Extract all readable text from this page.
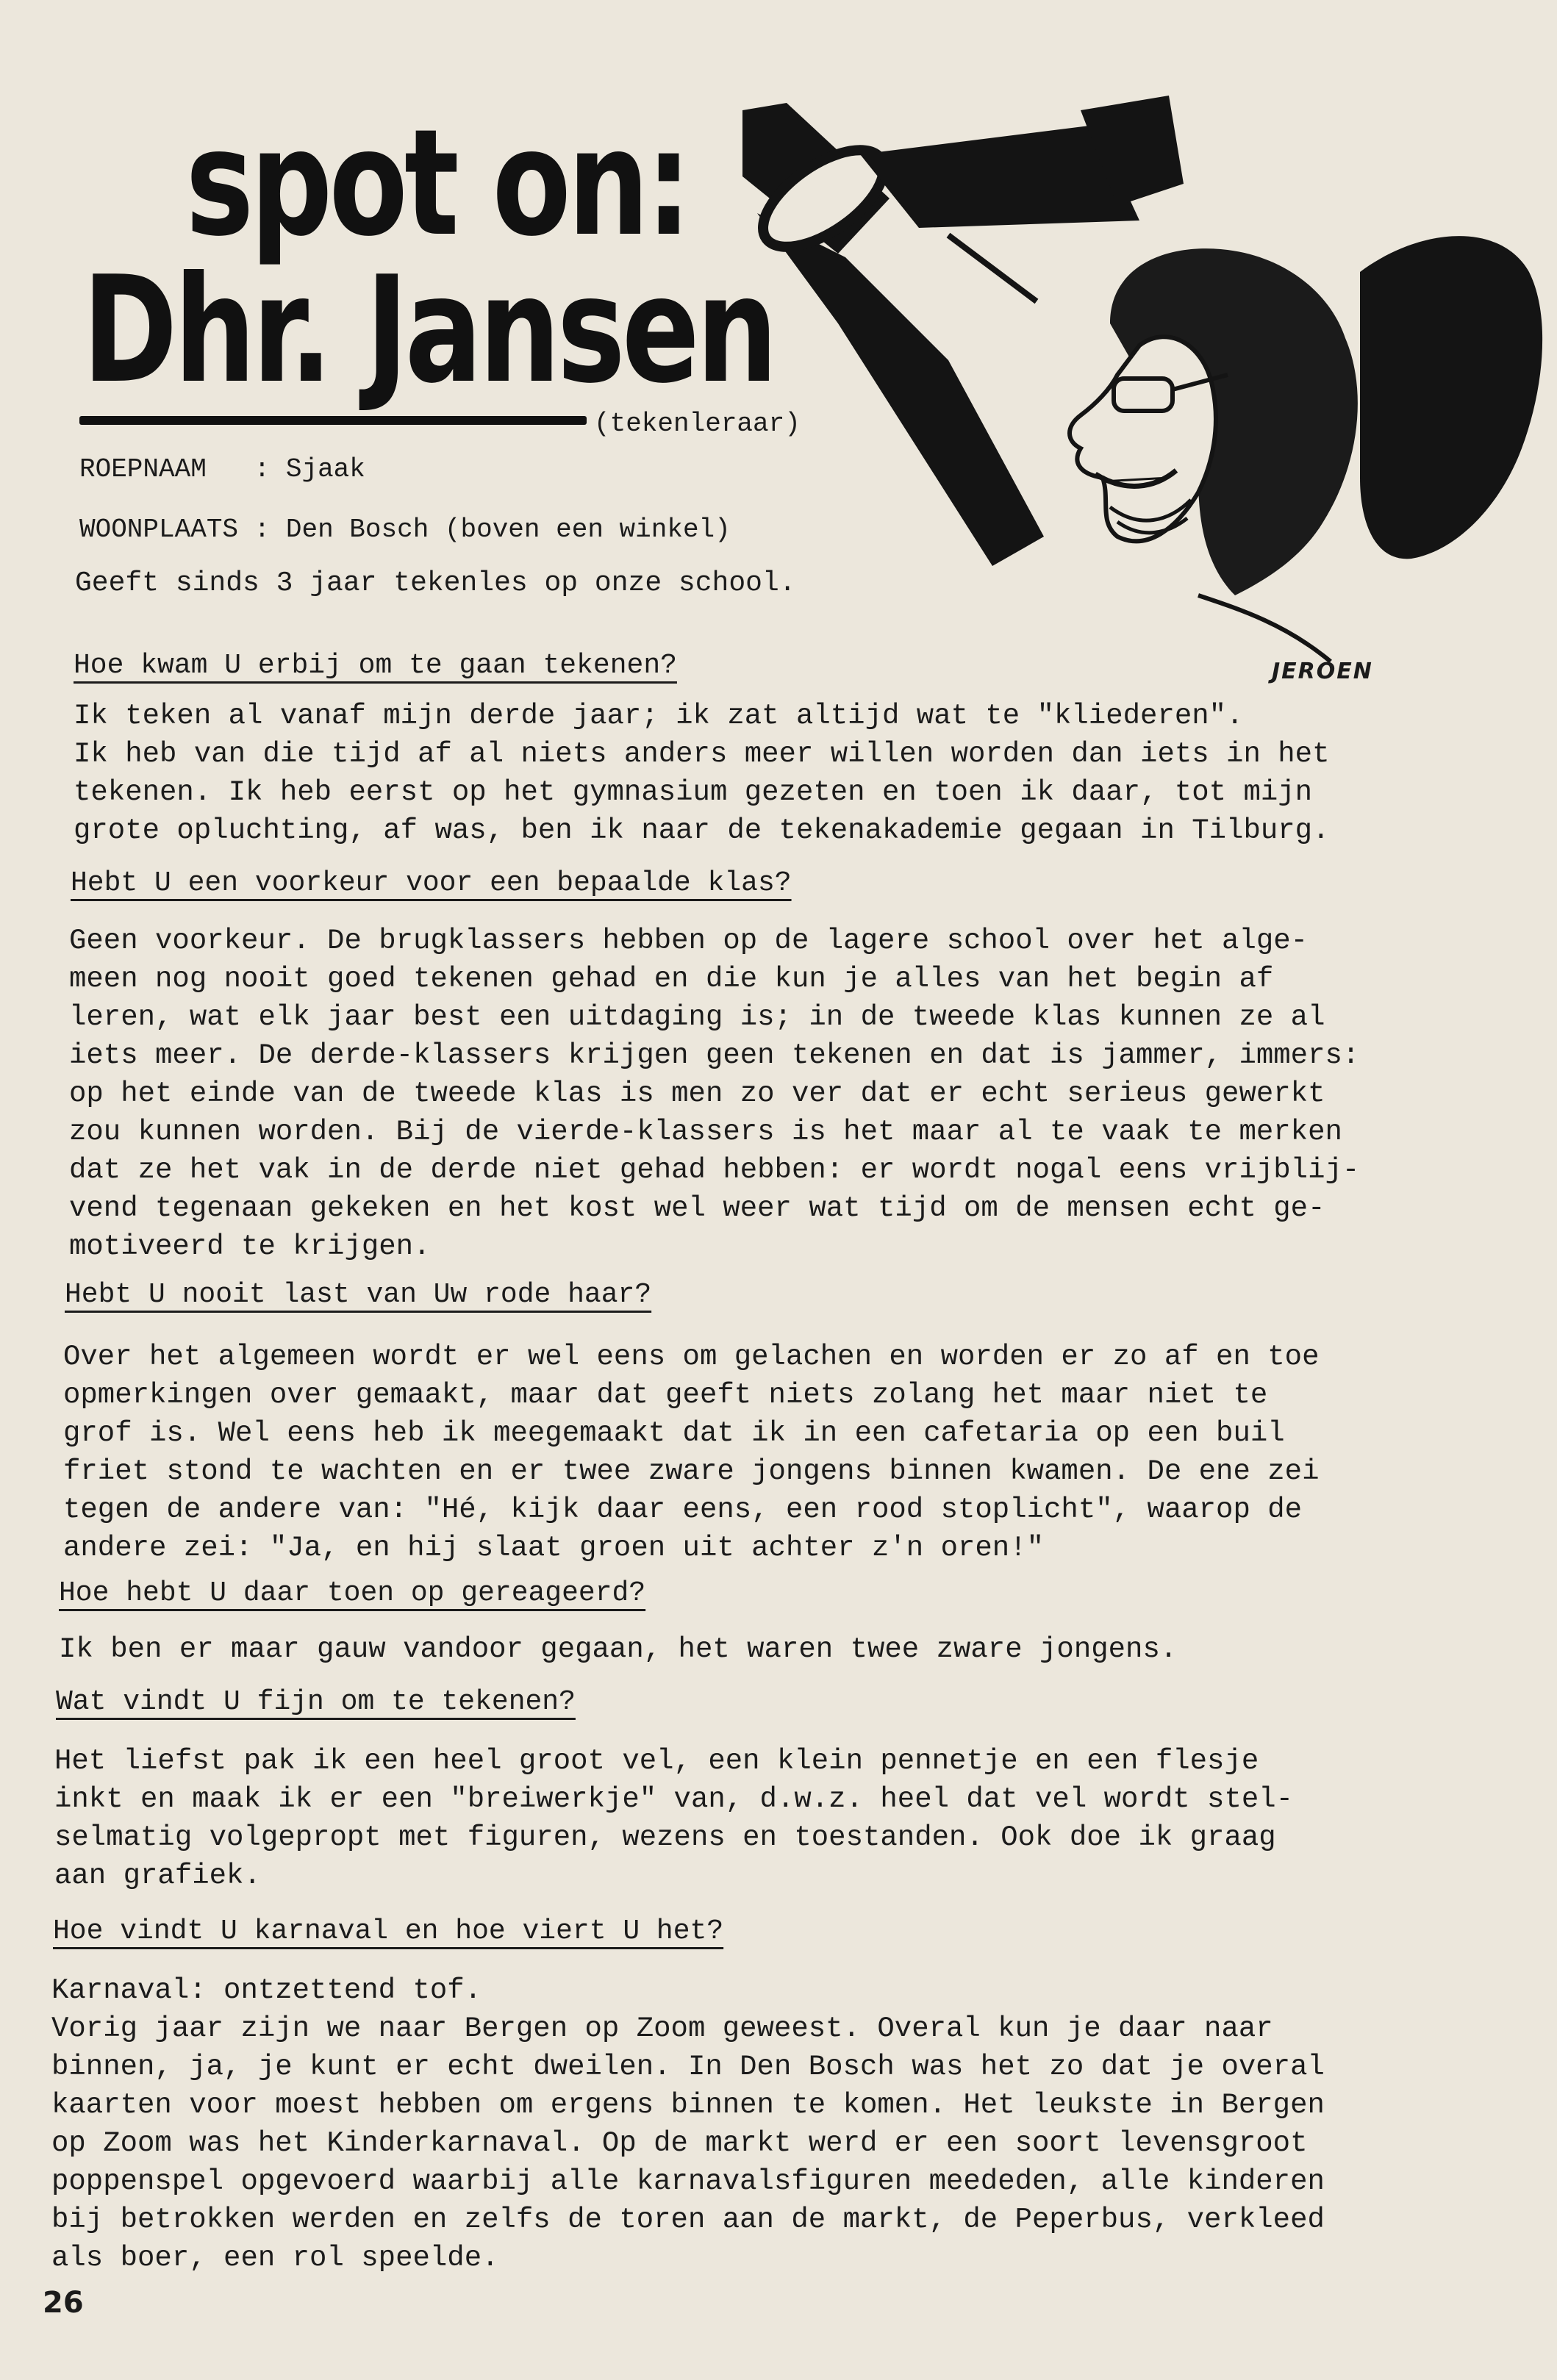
spot on:
Dhr. Jansen
(tekenleraar)
JEROEN
ROEPNAAM   : Sjaak
WOONPLAATS : Den Bosch (boven een winkel)
Geeft sinds 3 jaar tekenles op onze school.
Hoe kwam U erbij om te gaan tekenen?

Ik teken al vanaf mijn derde jaar; ik zat altijd wat te "kliederen".

Ik heb van die tijd af al niets anders meer willen worden dan iets in het

tekenen. Ik heb eerst op het gymnasium gezeten en toen ik daar, tot mijn

grote opluchting, af was, ben ik naar de tekenakademie gegaan in Tilburg.

Hebt U een voorkeur voor een bepaalde klas?

Geen voorkeur. De brugklassers hebben op de lagere school over het alge-

meen nog nooit goed tekenen gehad en die kun je alles van het begin af

leren, wat elk jaar best een uitdaging is; in de tweede klas kunnen ze al

iets meer. De derde-klassers krijgen geen tekenen en dat is jammer, immers:

op het einde van de tweede klas is men zo ver dat er echt serieus gewerkt

zou kunnen worden. Bij de vierde-klassers is het maar al te vaak te merken

dat ze het vak in de derde niet gehad hebben: er wordt nogal eens vrijblij-

vend tegenaan gekeken en het kost wel weer wat tijd om de mensen echt ge-

motiveerd te krijgen.

Hebt U nooit last van Uw rode haar?

Over het algemeen wordt er wel eens om gelachen en worden er zo af en toe

opmerkingen over gemaakt, maar dat geeft niets zolang het maar niet te

grof is. Wel eens heb ik meegemaakt dat ik in een cafetaria op een buil

friet stond te wachten en er twee zware jongens binnen kwamen. De ene zei

tegen de andere van: "Hé, kijk daar eens, een rood stoplicht", waarop de

andere zei: "Ja, en hij slaat groen uit achter z'n oren!"

Hoe hebt U daar toen op gereageerd?

Ik ben er maar gauw vandoor gegaan, het waren twee zware jongens.

Wat vindt U fijn om te tekenen?

Het liefst pak ik een heel groot vel, een klein pennetje en een flesje

inkt en maak ik er een "breiwerkje" van, d.w.z. heel dat vel wordt stel-

selmatig volgepropt met figuren, wezens en toestanden. Ook doe ik graag

aan grafiek.

Hoe vindt U karnaval en hoe viert U het?

Karnaval: ontzettend tof.

Vorig jaar zijn we naar Bergen op Zoom geweest. Overal kun je daar naar

binnen, ja, je kunt er echt dweilen. In Den Bosch was het zo dat je overal

kaarten voor moest hebben om ergens binnen te komen. Het leukste in Bergen

op Zoom was het Kinderkarnaval. Op de markt werd er een soort levensgroot

poppenspel opgevoerd waarbij alle karnavalsfiguren meededen, alle kinderen

bij betrokken werden en zelfs de toren aan de markt, de Peperbus, verkleed

als boer, een rol speelde.

26
